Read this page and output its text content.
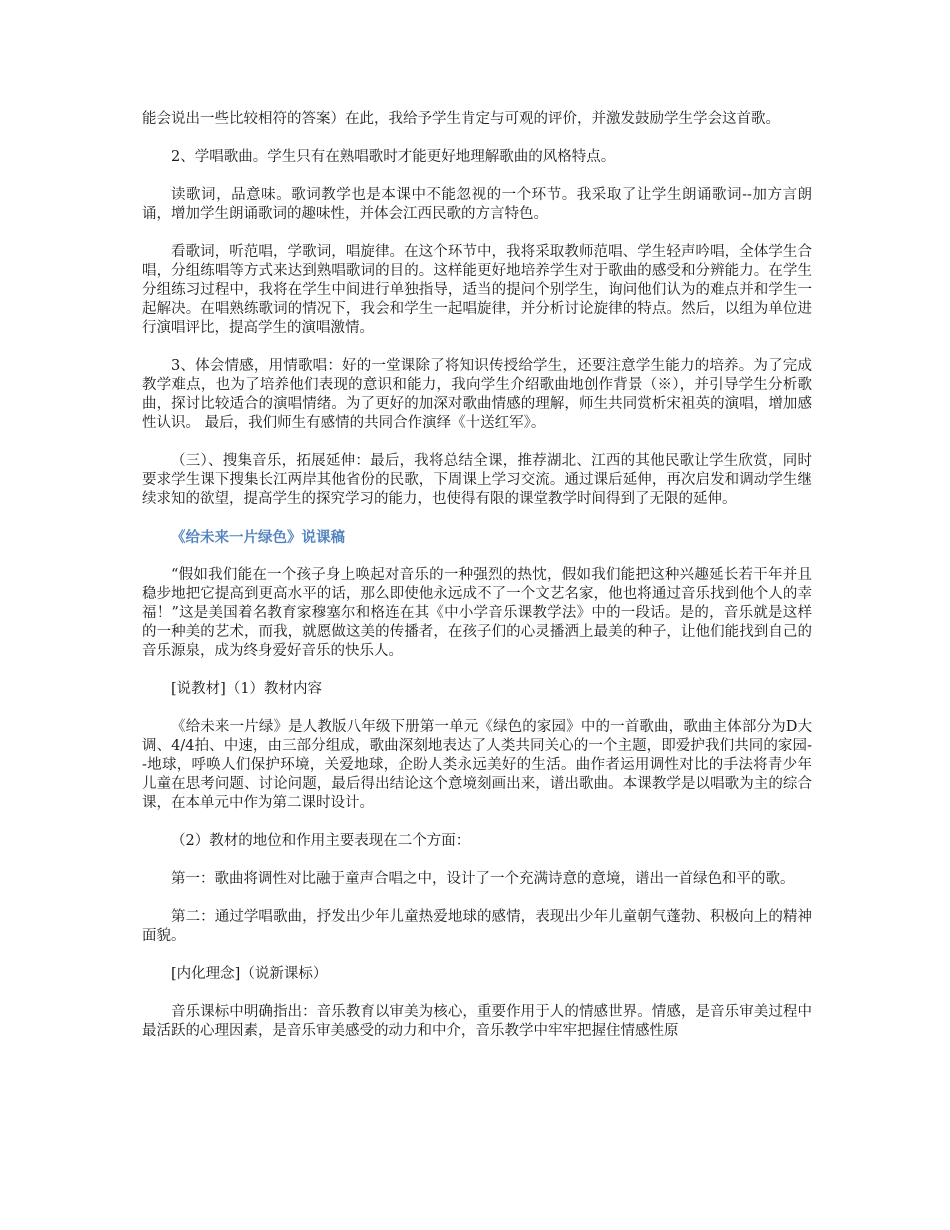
能会说出一些比较相符的答案）在此，我给予学生肯定与可观的评价，并激发鼓励学生学会这首歌。

2、学唱歌曲。学生只有在熟唱歌时才能更好地理解歌曲的风格特点。

读歌词，品意味。歌词教学也是本课中不能忽视的一个环节。我采取了让学生朗诵歌词--加方言朗诵，增加学生朗诵歌词的趣味性，并体会江西民歌的方言特色。

看歌词，听范唱，学歌词，唱旋律。在这个环节中，我将采取教师范唱、学生轻声吟唱，全体学生合唱，分组练唱等方式来达到熟唱歌词的目的。这样能更好地培养学生对于歌曲的感受和分辨能力。在学生分组练习过程中，我将在学生中间进行单独指导，适当的提问个别学生，询问他们认为的难点并和学生一起解决。在唱熟练歌词的情况下，我会和学生一起唱旋律，并分析讨论旋律的特点。然后，以组为单位进行演唱评比，提高学生的演唱激情。

3、体会情感，用情歌唱：好的一堂课除了将知识传授给学生，还要注意学生能力的培养。为了完成教学难点，也为了培养他们表现的意识和能力，我向学生介绍歌曲地创作背景（※），并引导学生分析歌曲，探讨比较适合的演唱情绪。为了更好的加深对歌曲情感的理解，师生共同赏析宋祖英的演唱，增加感性认识。 最后，我们师生有感情的共同合作演绎《十送红军》。

（三）、搜集音乐，拓展延伸：最后，我将总结全课，推荐湖北、江西的其他民歌让学生欣赏，同时要求学生课下搜集长江两岸其他省份的民歌，下周课上学习交流。通过课后延伸，再次启发和调动学生继续求知的欲望，提高学生的探究学习的能力，也使得有限的课堂教学时间得到了无限的延伸。

《给未来一片绿色》说课稿

“假如我们能在一个孩子身上唤起对音乐的一种强烈的热忱，假如我们能把这种兴趣延长若干年并且稳步地把它提高到更高水平的话，那么即使他永远成不了一个文艺名家，他也将通过音乐找到他个人的幸福！”这是美国着名教育家穆塞尔和格连在其《中小学音乐课教学法》中的一段话。是的，音乐就是这样的一种美的艺术，而我，就愿做这美的传播者，在孩子们的心灵播洒上最美的种子，让他们能找到自己的音乐源泉，成为终身爱好音乐的快乐人。

[说教材]（1）教材内容

《给未来一片绿》是人教版八年级下册第一单元《绿色的家园》中的一首歌曲，歌曲主体部分为D大调、4/4拍、中速，由三部分组成，歌曲深刻地表达了人类共同关心的一个主题，即爱护我们共同的家园--地球，呼唤人们保护环境，关爱地球，企盼人类永远美好的生活。曲作者运用调性对比的手法将青少年儿童在思考问题、讨论问题，最后得出结论这个意境刻画出来，谱出歌曲。本课教学是以唱歌为主的综合课，在本单元中作为第二课时设计。

（2）教材的地位和作用主要表现在二个方面：

第一：歌曲将调性对比融于童声合唱之中，设计了一个充满诗意的意境，谱出一首绿色和平的歌。

第二：通过学唱歌曲，抒发出少年儿童热爱地球的感情，表现出少年儿童朝气蓬勃、积极向上的精神面貌。

[内化理念]（说新课标）

音乐课标中明确指出：音乐教育以审美为核心，重要作用于人的情感世界。情感，是音乐审美过程中最活跃的心理因素，是音乐审美感受的动力和中介，音乐教学中牢牢把握住情感性原
